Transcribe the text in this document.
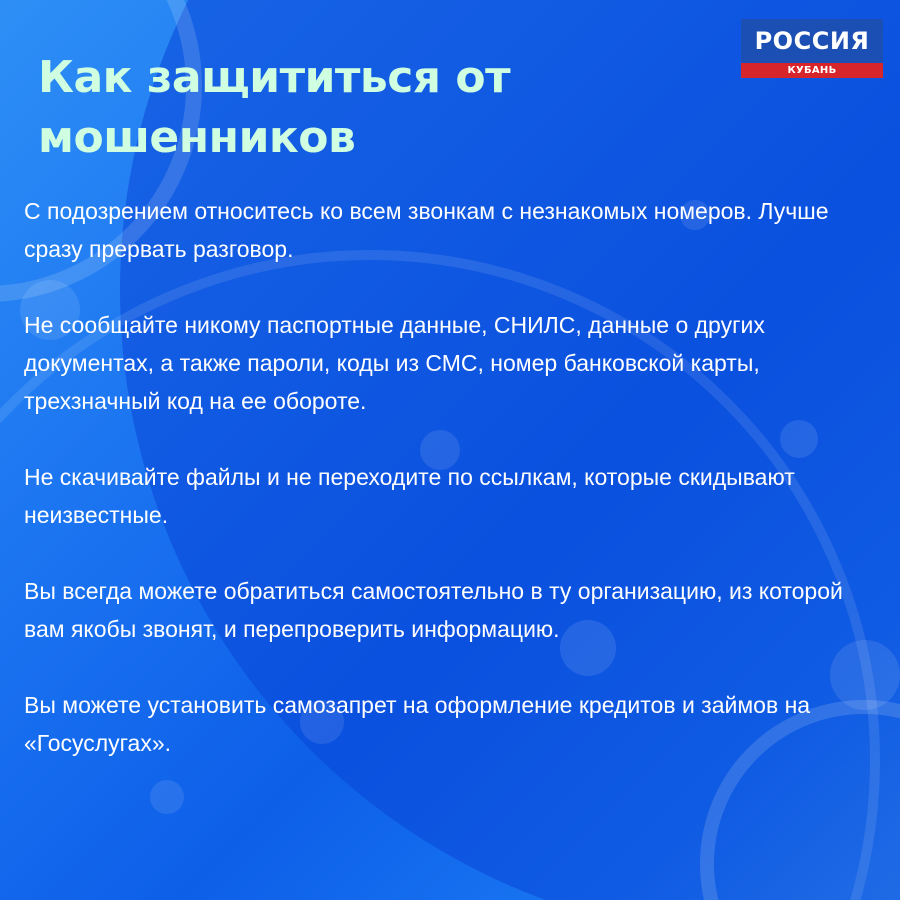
РОССИЯ
КУБАНЬ
Как защититься от мошенников

С подозрением относитесь ко всем звонкам с незнакомых номеров. Лучше сразу прервать разговор.

Не сообщайте никому паспортные данные, СНИЛС, данные о других документах, а также пароли, коды из СМС, номер банковской карты, трехзначный код на ее обороте.

Не скачивайте файлы и не переходите по ссылкам, которые скидывают неизвестные.

Вы всегда можете обратиться самостоятельно в ту организацию, из которой вам якобы звонят, и перепроверить информацию.

Вы можете установить самозапрет на оформление кредитов и займов на «Госуслугах».
